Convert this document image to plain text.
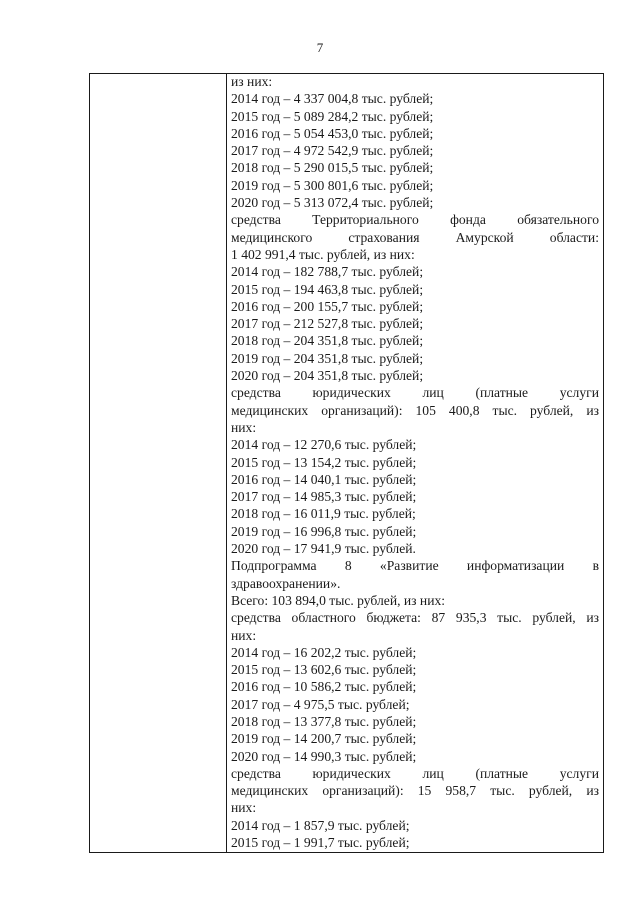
7
из них:
2014 год – 4 337 004,8 тыс. рублей;
2015 год – 5 089 284,2 тыс. рублей;
2016 год – 5 054 453,0 тыс. рублей;
2017 год – 4 972 542,9 тыс. рублей;
2018 год – 5 290 015,5 тыс. рублей;
2019 год – 5 300 801,6 тыс. рублей;
2020 год – 5 313 072,4 тыс. рублей;
средства Территориального фонда обязательного
медицинского страхования Амурской области:
1 402 991,4 тыс. рублей, из них:
2014 год – 182 788,7 тыс. рублей;
2015 год – 194 463,8 тыс. рублей;
2016 год – 200 155,7 тыс. рублей;
2017 год – 212 527,8 тыс. рублей;
2018 год – 204 351,8 тыс. рублей;
2019 год – 204 351,8 тыс. рублей;
2020 год – 204 351,8 тыс. рублей;
средства юридических лиц (платные услуги
медицинских организаций): 105 400,8 тыс. рублей, из
них:
2014 год – 12 270,6 тыс. рублей;
2015 год – 13 154,2 тыс. рублей;
2016 год – 14 040,1 тыс. рублей;
2017 год – 14 985,3 тыс. рублей;
2018 год – 16 011,9 тыс. рублей;
2019 год – 16 996,8 тыс. рублей;
2020 год – 17 941,9 тыс. рублей.
Подпрограмма 8 «Развитие информатизации в
здравоохранении».
Всего: 103 894,0 тыс. рублей, из них:
средства областного бюджета: 87 935,3 тыс. рублей, из
них:
2014 год – 16 202,2 тыс. рублей;
2015 год – 13 602,6 тыс. рублей;
2016 год – 10 586,2 тыс. рублей;
2017 год – 4 975,5 тыс. рублей;
2018 год – 13 377,8 тыс. рублей;
2019 год – 14 200,7 тыс. рублей;
2020 год – 14 990,3 тыс. рублей;
средства юридических лиц (платные услуги
медицинских организаций): 15 958,7 тыс. рублей, из
них:
2014 год – 1 857,9 тыс. рублей;
2015 год – 1 991,7 тыс. рублей;
